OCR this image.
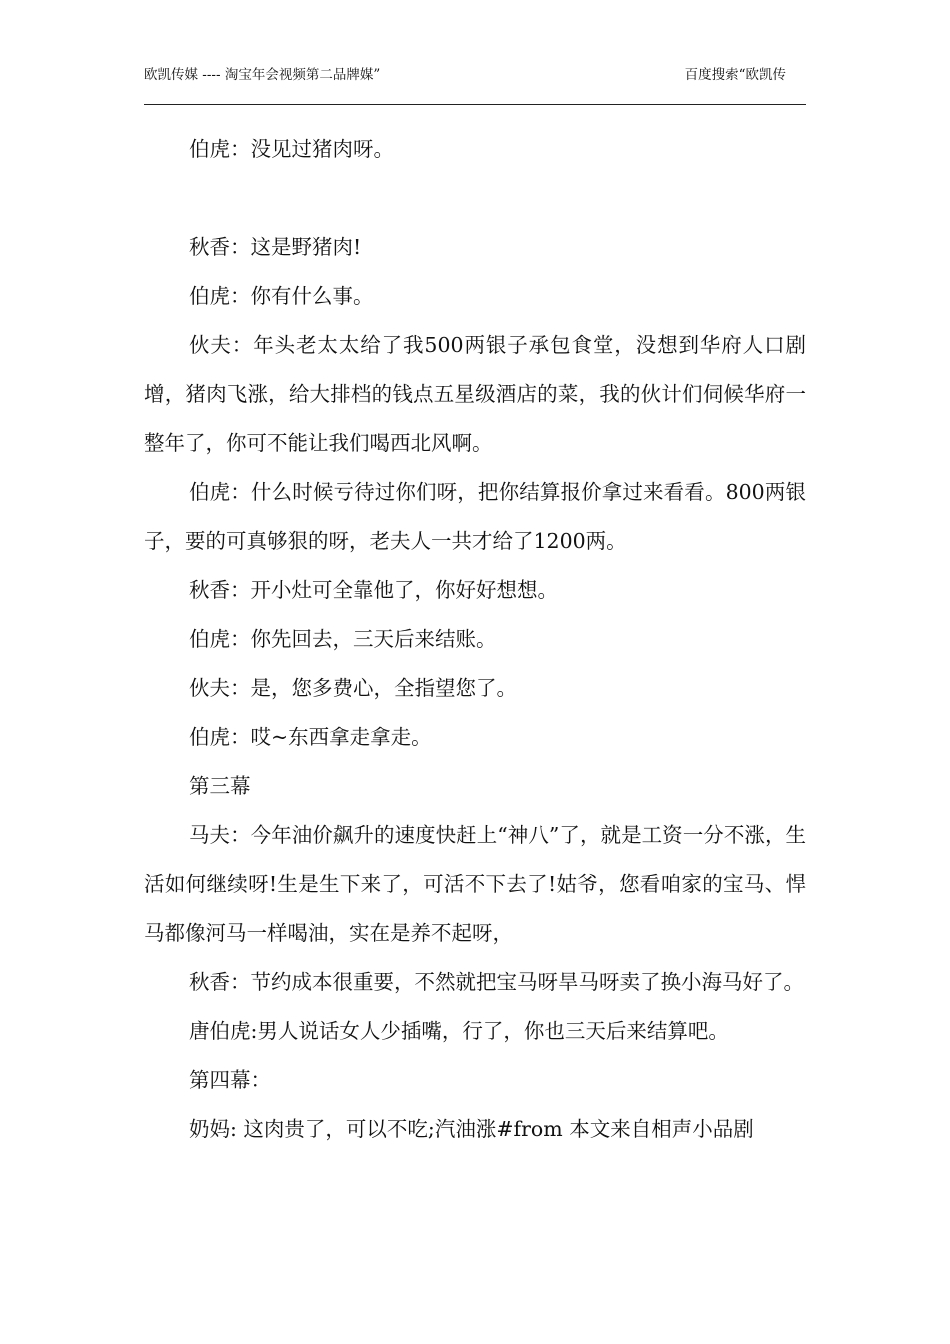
欧凯传媒 ---- 淘宝年会视频第二品牌媒”	百度搜索“欧凯传

伯虎：没见过猪肉呀。

秋香：这是野猪肉!

伯虎：你有什么事。

伙夫：年头老太太给了我500两银子承包食堂，没想到华府人口剧增，猪肉飞涨，给大排档的钱点五星级酒店的菜，我的伙计们伺候华府一整年了，你可不能让我们喝西北风啊。

伯虎：什么时候亏待过你们呀，把你结算报价拿过来看看。800两银子，要的可真够狠的呀，老夫人一共才给了1200两。

秋香：开小灶可全靠他了，你好好想想。

伯虎：你先回去，三天后来结账。

伙夫：是，您多费心，全指望您了。

伯虎：哎~东西拿走拿走。

第三幕

马夫：今年油价飙升的速度快赶上“神八”了，就是工资一分不涨，生活如何继续呀!生是生下来了，可活不下去了!姑爷，您看咱家的宝马、悍马都像河马一样喝油，实在是养不起呀，

秋香：节约成本很重要，不然就把宝马呀旱马呀卖了换小海马好了。

唐伯虎:男人说话女人少插嘴，行了，你也三天后来结算吧。

第四幕：

奶妈: 这肉贵了，可以不吃;汽油涨#from 本文来自相声小品剧
